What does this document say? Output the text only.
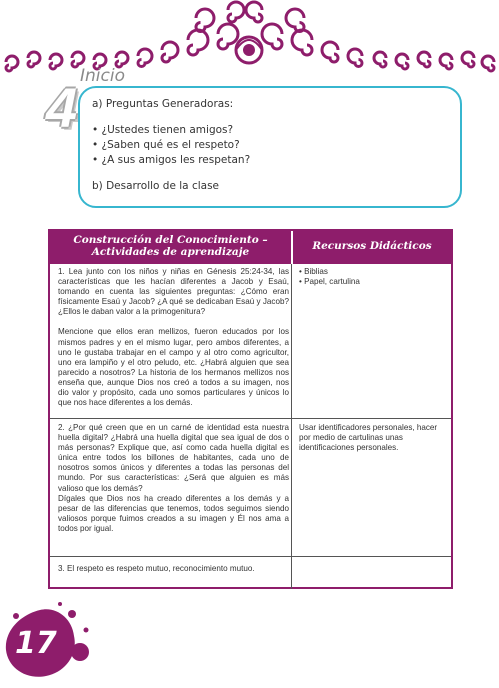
4 Inicio
a) Preguntas Generadoras:
• ¿Ustedes tienen amigos?
• ¿Saben qué es el respeto?
• ¿A sus amigos les respetan?
b) Desarrollo de la clase
Construcción del Conocimiento –
Actividades de aprendizaje	Recursos Didácticos

1. Lea junto con los niños y niñas en Génesis 25:24-34, las características que les hacían diferentes a Jacob y Esaú, tomando en cuenta las siguientes preguntas: ¿Cómo eran físicamente Esaú y Jacob? ¿A qué se dedicaban Esaú y Jacob? ¿Ellos le daban valor a la primogenitura?

Mencione que ellos eran mellizos, fueron educados por los mismos padres y en el mismo lugar, pero ambos diferentes, a uno le gustaba trabajar en el campo y al otro como agricultor, uno era lampiño y el otro peludo, etc. ¿Habrá alguien que sea parecido a nosotros? La historia de los hermanos mellizos nos enseña que, aunque Dios nos creó a todos a su imagen, nos dio valor y propósito, cada uno somos particulares y únicos lo que nos hace diferentes a los demás.

• Biblias

• Papel, cartulina

2. ¿Por qué creen que en un carné de identidad esta nuestra huella digital? ¿Habrá una huella digital que sea igual de dos o más personas? Explique que, así como cada huella digital es única entre todos los billones de habitantes, cada uno de nosotros somos únicos y diferentes a todas las personas del mundo. Por sus características: ¿Será que alguien es más valioso que los demás?

Dígales que Dios nos ha creado diferentes a los demás y a pesar de las diferencias que tenemos, todos seguimos siendo valiosos porque fuimos creados a su imagen y Él nos ama a todos por igual.

Usar identificadores personales, hacer por medio de cartulinas unas identificaciones personales.

3. El respeto es respeto mutuo, reconocimiento mutuo.

17
